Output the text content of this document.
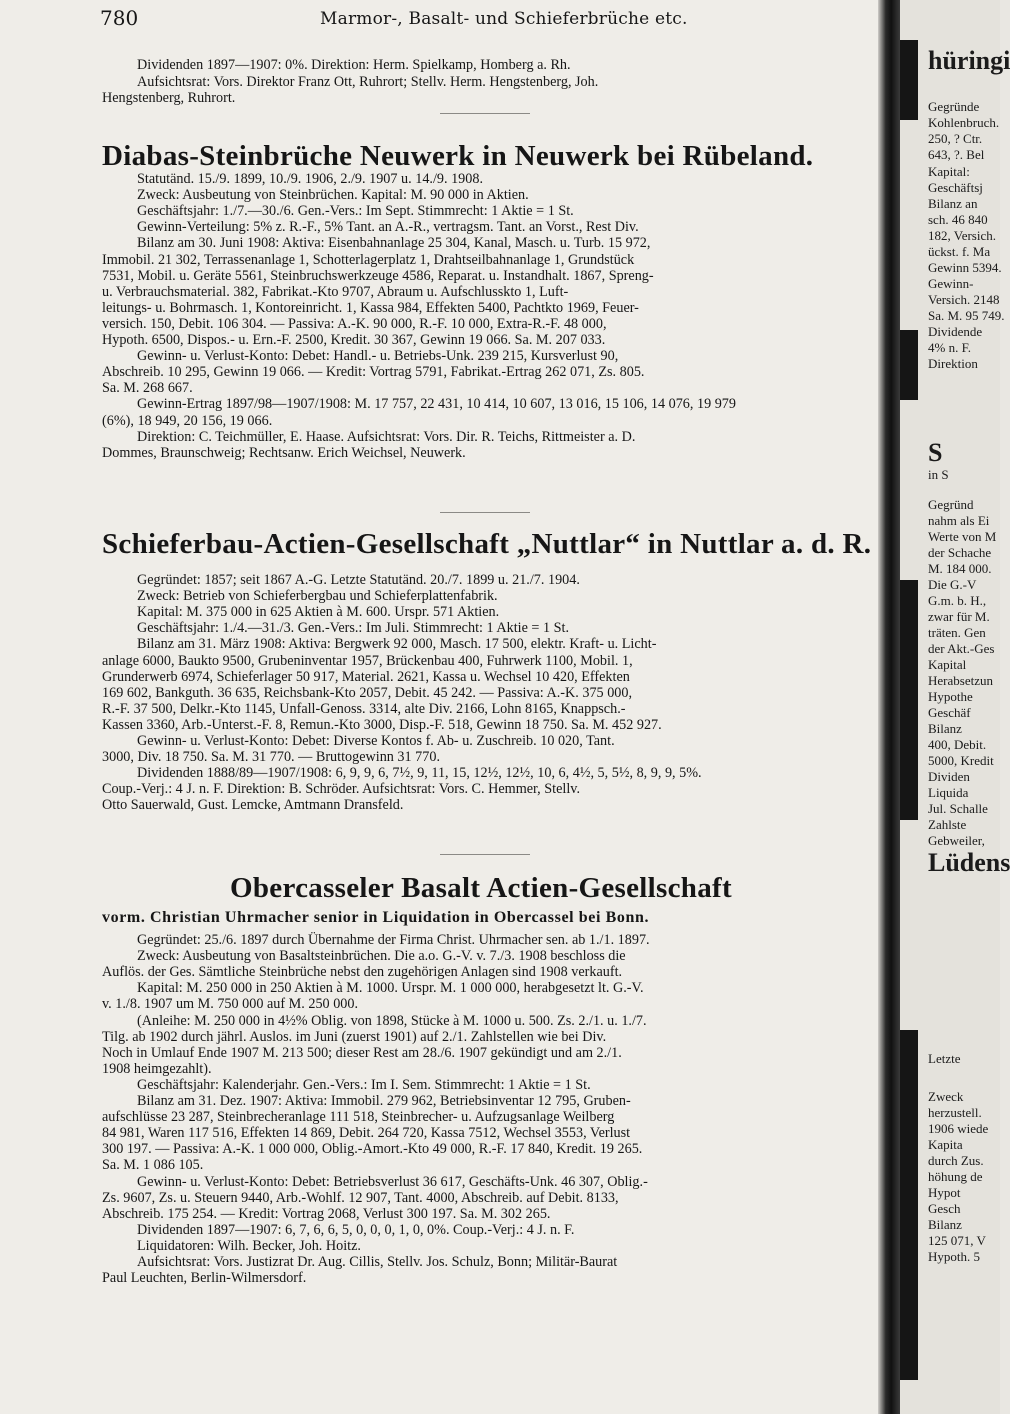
780	Marmor-, Basalt- und Schieferbrüche etc.
Dividenden 1897—1907: 0%. Direktion: Herm. Spielkamp, Homberg a. Rh.
Aufsichtsrat: Vors. Direktor Franz Ott, Ruhrort; Stellv. Herm. Hengstenberg, Joh.
Hengstenberg, Ruhrort.
Diabas-Steinbrüche Neuwerk in Neuwerk bei Rübeland.
Statutänd. 15./9. 1899, 10./9. 1906, 2./9. 1907 u. 14./9. 1908.
Zweck: Ausbeutung von Steinbrüchen. Kapital: M. 90 000 in Aktien.
Geschäftsjahr: 1./7.—30./6. Gen.-Vers.: Im Sept. Stimmrecht: 1 Aktie = 1 St.
Gewinn-Verteilung: 5% z. R.-F., 5% Tant. an A.-R., vertragsm. Tant. an Vorst., Rest Div.
Bilanz am 30. Juni 1908: Aktiva: Eisenbahnanlage 25 304, Kanal, Masch. u. Turb. 15 972,
Immobil. 21 302, Terrassenanlage 1, Schotterlagerplatz 1, Drahtseilbahnanlage 1, Grundstück
7531, Mobil. u. Geräte 5561, Steinbruchswerkzeuge 4586, Reparat. u. Instandhalt. 1867, Spreng-
u. Verbrauchsmaterial. 382, Fabrikat.-Kto 9707, Abraum u. Aufschlusskto 1, Luft-
leitungs- u. Bohrmasch. 1, Kontoreinricht. 1, Kassa 984, Effekten 5400, Pachtkto 1969, Feuer-
versich. 150, Debit. 106 304. — Passiva: A.-K. 90 000, R.-F. 10 000, Extra-R.-F. 48 000,
Hypoth. 6500, Dispos.- u. Ern.-F. 2500, Kredit. 30 367, Gewinn 19 066. Sa. M. 207 033.
Gewinn- u. Verlust-Konto: Debet: Handl.- u. Betriebs-Unk. 239 215, Kursverlust 90,
Abschreib. 10 295, Gewinn 19 066. — Kredit: Vortrag 5791, Fabrikat.-Ertrag 262 071, Zs. 805.
Sa. M. 268 667.
Gewinn-Ertrag 1897/98—1907/1908: M. 17 757, 22 431, 10 414, 10 607, 13 016, 15 106, 14 076, 19 979
(6%), 18 949, 20 156, 19 066.
Direktion: C. Teichmüller, E. Haase. Aufsichtsrat: Vors. Dir. R. Teichs, Rittmeister a. D.
Dommes, Braunschweig; Rechtsanw. Erich Weichsel, Neuwerk.
Schieferbau-Actien-Gesellschaft „Nuttlar“ in Nuttlar a. d. R.
Gegründet: 1857; seit 1867 A.-G. Letzte Statutänd. 20./7. 1899 u. 21./7. 1904.
Zweck: Betrieb von Schieferbergbau und Schieferplattenfabrik.
Kapital: M. 375 000 in 625 Aktien à M. 600. Urspr. 571 Aktien.
Geschäftsjahr: 1./4.—31./3. Gen.-Vers.: Im Juli. Stimmrecht: 1 Aktie = 1 St.
Bilanz am 31. März 1908: Aktiva: Bergwerk 92 000, Masch. 17 500, elektr. Kraft- u. Licht-
anlage 6000, Baukto 9500, Grubeninventar 1957, Brückenbau 400, Fuhrwerk 1100, Mobil. 1,
Grunderwerb 6974, Schieferlager 50 917, Material. 2621, Kassa u. Wechsel 10 420, Effekten
169 602, Bankguth. 36 635, Reichsbank-Kto 2057, Debit. 45 242. — Passiva: A.-K. 375 000,
R.-F. 37 500, Delkr.-Kto 1145, Unfall-Genoss. 3314, alte Div. 2166, Lohn 8165, Knappsch.-
Kassen 3360, Arb.-Unterst.-F. 8, Remun.-Kto 3000, Disp.-F. 518, Gewinn 18 750. Sa. M. 452 927.
Gewinn- u. Verlust-Konto: Debet: Diverse Kontos f. Ab- u. Zuschreib. 10 020, Tant.
3000, Div. 18 750. Sa. M. 31 770. — Bruttogewinn 31 770.
Dividenden 1888/89—1907/1908: 6, 9, 9, 6, 7½, 9, 11, 15, 12½, 12½, 10, 6, 4½, 5, 5½, 8, 9, 9, 5%.
Coup.-Verj.: 4 J. n. F. Direktion: B. Schröder. Aufsichtsrat: Vors. C. Hemmer, Stellv.
Otto Sauerwald, Gust. Lemcke, Amtmann Dransfeld.
Obercasseler Basalt Actien-Gesellschaft
vorm. Christian Uhrmacher senior in Liquidation in Obercassel bei Bonn.
Gegründet: 25./6. 1897 durch Übernahme der Firma Christ. Uhrmacher sen. ab 1./1. 1897.
Zweck: Ausbeutung von Basaltsteinbrüchen. Die a.o. G.-V. v. 7./3. 1908 beschloss die
Auflös. der Ges. Sämtliche Steinbrüche nebst den zugehörigen Anlagen sind 1908 verkauft.
Kapital: M. 250 000 in 250 Aktien à M. 1000. Urspr. M. 1 000 000, herabgesetzt lt. G.-V.
v. 1./8. 1907 um M. 750 000 auf M. 250 000.
(Anleihe: M. 250 000 in 4½% Oblig. von 1898, Stücke à M. 1000 u. 500. Zs. 2./1. u. 1./7.
Tilg. ab 1902 durch jährl. Auslos. im Juni (zuerst 1901) auf 2./1. Zahlstellen wie bei Div.
Noch in Umlauf Ende 1907 M. 213 500; dieser Rest am 28./6. 1907 gekündigt und am 2./1.
1908 heimgezahlt).
Geschäftsjahr: Kalenderjahr. Gen.-Vers.: Im I. Sem. Stimmrecht: 1 Aktie = 1 St.
Bilanz am 31. Dez. 1907: Aktiva: Immobil. 279 962, Betriebsinventar 12 795, Gruben-
aufschlüsse 23 287, Steinbrecheranlage 111 518, Steinbrecher- u. Aufzugsanlage Weilberg
84 981, Waren 117 516, Effekten 14 869, Debit. 264 720, Kassa 7512, Wechsel 3553, Verlust
300 197. — Passiva: A.-K. 1 000 000, Oblig.-Amort.-Kto 49 000, R.-F. 17 840, Kredit. 19 265.
Sa. M. 1 086 105.
Gewinn- u. Verlust-Konto: Debet: Betriebsverlust 36 617, Geschäfts-Unk. 46 307, Oblig.-
Zs. 9607, Zs. u. Steuern 9440, Arb.-Wohlf. 12 907, Tant. 4000, Abschreib. auf Debit. 8133,
Abschreib. 175 254. — Kredit: Vortrag 2068, Verlust 300 197. Sa. M. 302 265.
Dividenden 1897—1907: 6, 7, 6, 6, 5, 0, 0, 0, 1, 0, 0%. Coup.-Verj.: 4 J. n. F.
Liquidatoren: Wilh. Becker, Joh. Hoitz.
Aufsichtsrat: Vors. Justizrat Dr. Aug. Cillis, Stellv. Jos. Schulz, Bonn; Militär-Baurat
Paul Leuchten, Berlin-Wilmersdorf.
hüringi
Gegründe
Kohlenbruch.
250, ? Ctr.
643, ?. Bel
Kapital:
Geschäftsj
Bilanz an
sch. 46 840
182, Versich.
ückst. f. Ma
Gewinn 5394.
Gewinn-
Versich. 2148
Sa. M. 95 749.
Dividende
4% n. F.
Direktion
S
in S
Gegründ
nahm als Ei
Werte von M
der Schache
M. 184 000.
Die G.-V
G.m. b. H.,
zwar für M.
träten. Gen
der Akt.-Ges
Kapital
Herabsetzun
Hypothe
Geschäf
Bilanz
400, Debit.
5000, Kredit
Dividen
Liquida
Jul. Schalle
Zahlste
Gebweiler,
Lüdens
Letzte
Zweck
herzustell.
1906 wiede
Kapita
durch Zus.
höhung de
Hypot
Gesch
Bilanz
125 071, V
Hypoth. 5
